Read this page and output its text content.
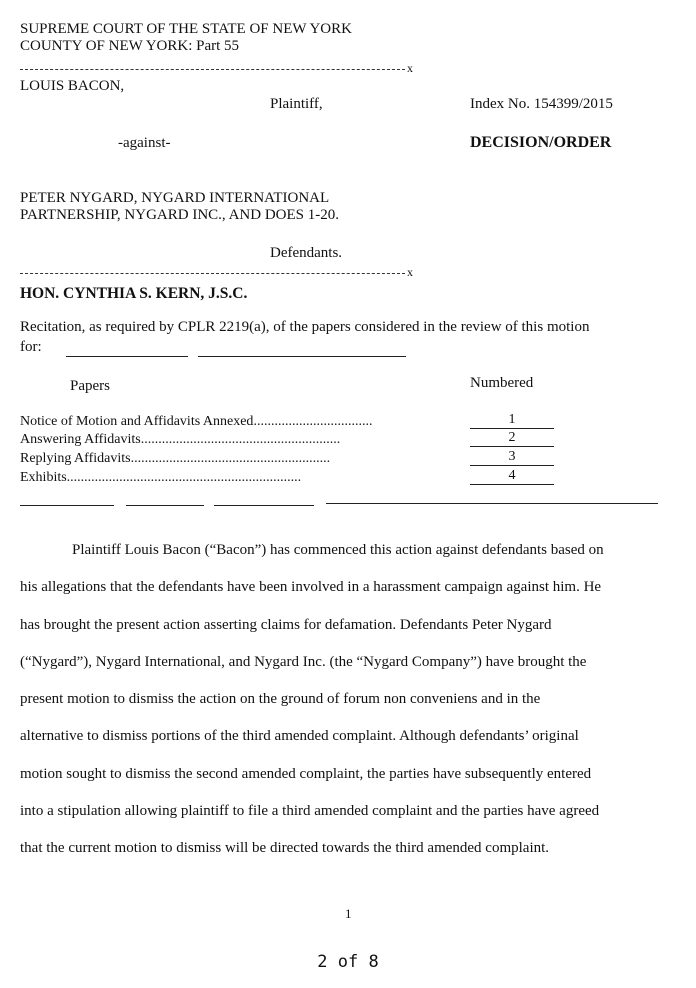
SUPREME COURT OF THE STATE OF NEW YORK
COUNTY OF NEW YORK: Part 55
x
LOUIS BACON,
Plaintiff,	Index No. 154399/2015
-against-	DECISION/ORDER
PETER NYGARD, NYGARD INTERNATIONAL
PARTNERSHIP, NYGARD INC., AND DOES 1-20.
Defendants.
x
HON. CYNTHIA S. KERN, J.S.C.
Recitation, as required by CPLR 2219(a), of the papers considered in the review of this motion
for:
Papers	Numbered
Notice of Motion and Affidavits Annexed..................................	1
Answering Affidavits.........................................................	2
Replying Affidavits.........................................................	3
Exhibits...................................................................	4
Plaintiff Louis Bacon (“Bacon”) has commenced this action against defendants based on
his allegations that the defendants have been involved in a harassment campaign against him. He
has brought the present action asserting claims for defamation. Defendants Peter Nygard
(“Nygard”), Nygard International, and Nygard Inc. (the “Nygard Company”) have brought the
present motion to dismiss the action on the ground of forum non conveniens and in the
alternative to dismiss portions of the third amended complaint. Although defendants’ original
motion sought to dismiss the second amended complaint, the parties have subsequently entered
into a stipulation allowing plaintiff to file a third amended complaint and the parties have agreed
that the current motion to dismiss will be directed towards the third amended complaint.
1
2 of 8
